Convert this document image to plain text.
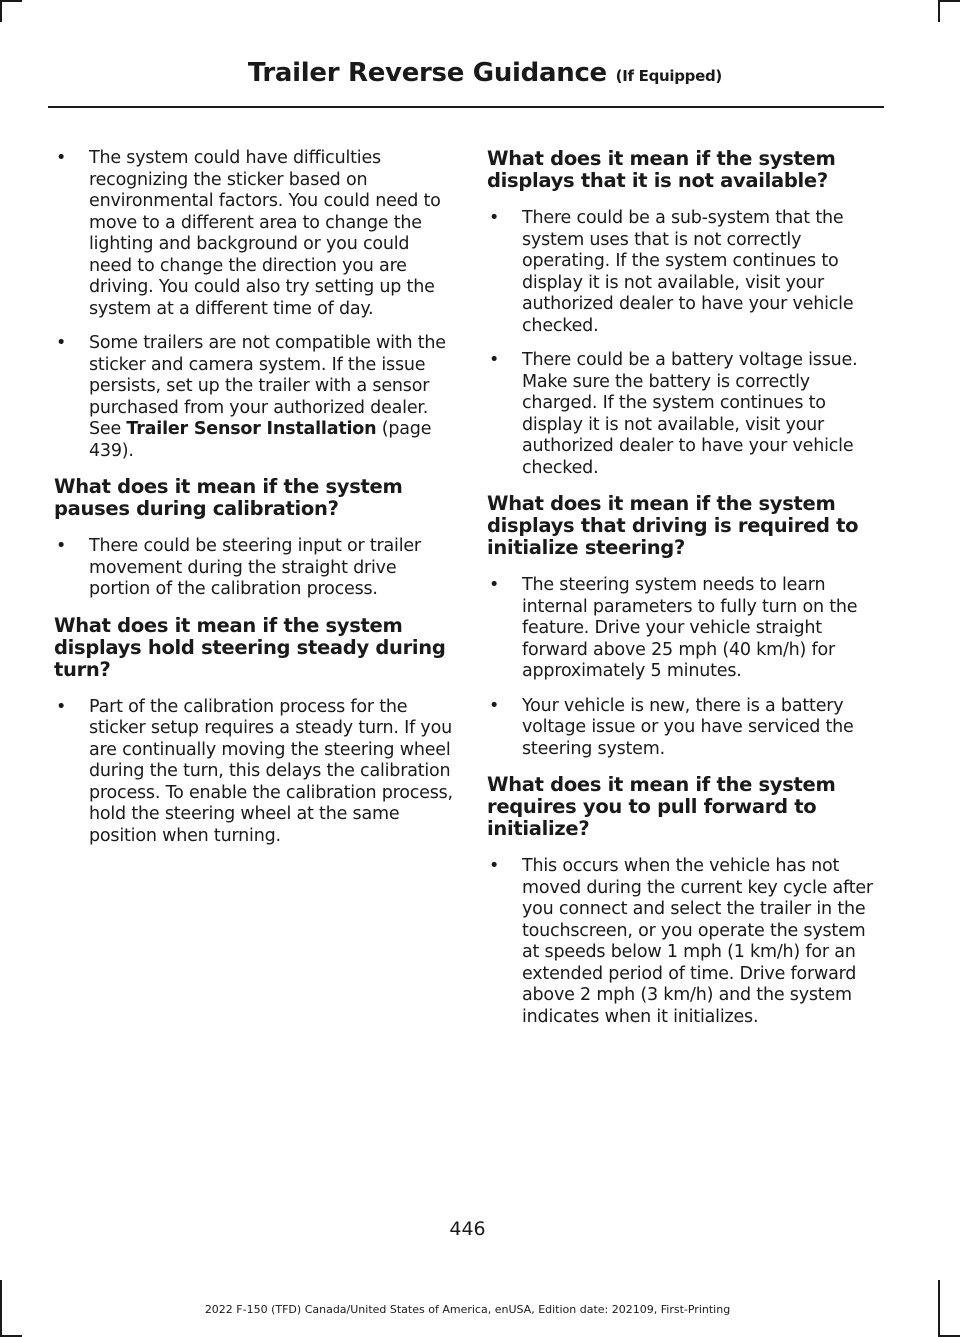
Trailer Reverse Guidance (If Equipped)
• The system could have difficulties recognizing the sticker based on environmental factors. You could need to move to a different area to change the lighting and background or you could need to change the direction you are driving. You could also try setting up the system at a different time of day.
• Some trailers are not compatible with the sticker and camera system. If the issue persists, set up the trailer with a sensor purchased from your authorized dealer. See Trailer Sensor Installation (page 439).
What does it mean if the system pauses during calibration?
• There could be steering input or trailer movement during the straight drive portion of the calibration process.
What does it mean if the system displays hold steering steady during turn?
• Part of the calibration process for the sticker setup requires a steady turn. If you are continually moving the steering wheel during the turn, this delays the calibration process. To enable the calibration process, hold the steering wheel at the same position when turning.
What does it mean if the system displays that it is not available?
• There could be a sub-system that the system uses that is not correctly operating. If the system continues to display it is not available, visit your authorized dealer to have your vehicle checked.
• There could be a battery voltage issue. Make sure the battery is correctly charged. If the system continues to display it is not available, visit your authorized dealer to have your vehicle checked.
What does it mean if the system displays that driving is required to initialize steering?
• The steering system needs to learn internal parameters to fully turn on the feature. Drive your vehicle straight forward above 25 mph (40 km/h) for approximately 5 minutes.
• Your vehicle is new, there is a battery voltage issue or you have serviced the steering system.
What does it mean if the system requires you to pull forward to initialize?
• This occurs when the vehicle has not moved during the current key cycle after you connect and select the trailer in the touchscreen, or you operate the system at speeds below 1 mph (1 km/h) for an extended period of time. Drive forward above 2 mph (3 km/h) and the system indicates when it initializes.
446
2022 F-150 (TFD) Canada/United States of America, enUSA, Edition date: 202109, First-Printing
